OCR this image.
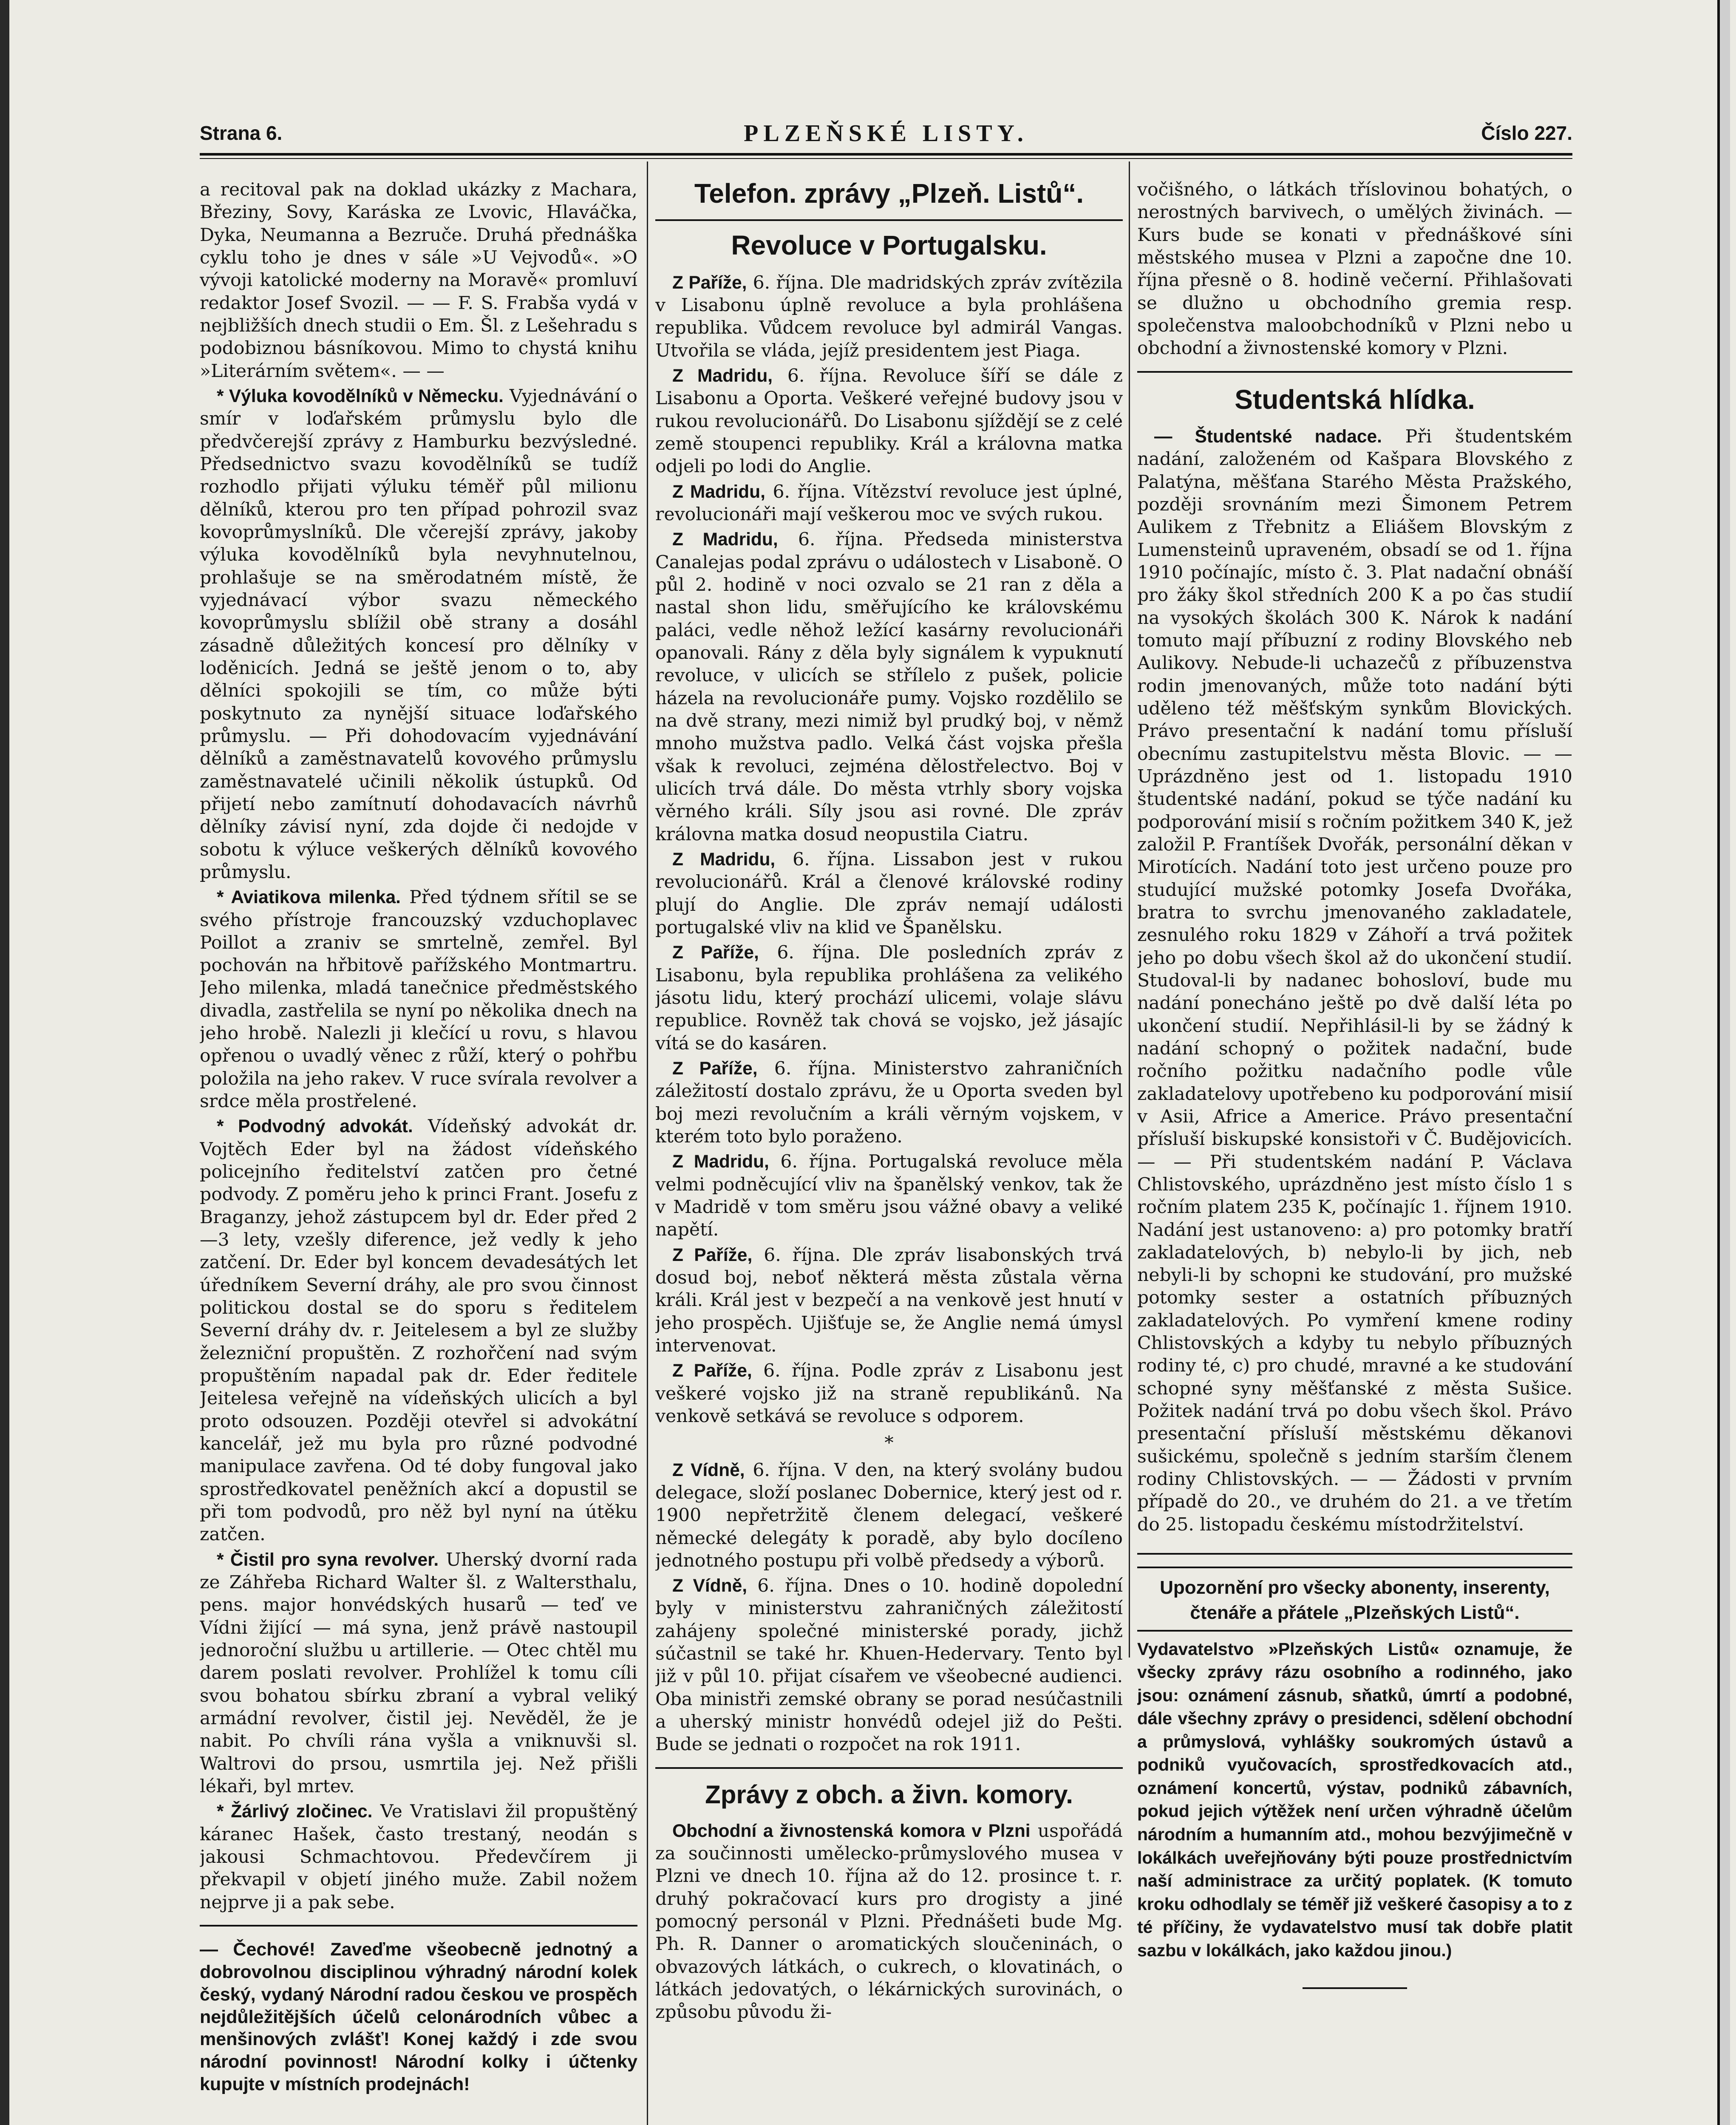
PLZEŇSKÉ LISTY.
Strana 6.	Číslo 227.

a recitoval pak na doklad ukázky z Machara, Březiny, Sovy, Karáska ze Lvovic, Hlaváčka, Dyka, Neumanna a Bezruče. Druhá přednáška cyklu toho je dnes v sále »U Vejvodů«. »O vývoji katolické moderny na Moravě« promluví redaktor Josef Svozil. — — F. S. Frabša vydá v nejbližších dnech studii o Em. Šl. z Lešehradu s podobiznou básníkovou. Mimo to chystá knihu »Literárním světem«. — —

* Výluka kovodělníků v Německu. Vyjednávání o smír v loďařském průmyslu bylo dle předvčerejší zprávy z Hamburku bezvýsledné. Předsednictvo svazu kovodělníků se tudíž rozhodlo přijati výluku téměř půl milionu dělníků, kterou pro ten případ pohrozil svaz kovoprůmyslníků. Dle včerejší zprávy, jakoby výluka kovodělníků byla nevyhnutelnou, prohlašuje se na směrodatném místě, že vyjednávací výbor svazu německého kovoprůmyslu sblížil obě strany a dosáhl zásadně důležitých koncesí pro dělníky v loděnicích. Jedná se ještě jenom o to, aby dělníci spokojili se tím, co může býti poskytnuto za nynější situace loďařského průmyslu. — Při dohodovacím vyjednávání dělníků a zaměstnavatelů kovového průmyslu zaměstnavatelé učinili několik ústupků. Od přijetí nebo zamítnutí dohodavacích návrhů dělníky závisí nyní, zda dojde či nedojde v sobotu k výluce veškerých dělníků kovového průmyslu.

* Aviatikova milenka. Před týdnem sřítil se se svého přístroje francouzský vzduchoplavec Poillot a zraniv se smrtelně, zemřel. Byl pochován na hřbitově pařížského Montmartru. Jeho milenka, mladá tanečnice předměstského divadla, zastřelila se nyní po několika dnech na jeho hrobě. Nalezli ji klečící u rovu, s hlavou opřenou o uvadlý věnec z růží, který o pohřbu položila na jeho rakev. V ruce svírala revolver a srdce měla prostřelené.

* Podvodný advokát. Vídeňský advokát dr. Vojtěch Eder byl na žádost vídeňského policejního ředitelství zatčen pro četné podvody. Z poměru jeho k princi Frant. Josefu z Braganzy, jehož zástupcem byl dr. Eder před 2—3 lety, vzešly diference, jež vedly k jeho zatčení. Dr. Eder byl koncem devadesátých let úředníkem Severní dráhy, ale pro svou činnost politickou dostal se do sporu s ředitelem Severní dráhy dv. r. Jeitelesem a byl ze služby železniční propuštěn. Z rozhořčení nad svým propuštěním napadal pak dr. Eder ředitele Jeitelesa veřejně na vídeňských ulicích a byl proto odsouzen. Později otevřel si advokátní kancelář, jež mu byla pro různé podvodné manipulace zavřena. Od té doby fungoval jako sprostředkovatel peněžních akcí a dopustil se při tom podvodů, pro něž byl nyní na útěku zatčen.

* Čistil pro syna revolver. Uherský dvorní rada ze Záhřeba Richard Walter šl. z Waltersthalu, pens. major honvédských husarů — teď ve Vídni žijící — má syna, jenž právě nastoupil jednoroční službu u artillerie. — Otec chtěl mu darem poslati revolver. Prohlížel k tomu cíli svou bohatou sbírku zbraní a vybral veliký armádní revolver, čistil jej. Nevěděl, že je nabit. Po chvíli rána vyšla a vniknuvši sl. Waltrovi do prsou, usmrtila jej. Než přišli lékaři, byl mrtev.

* Žárlivý zločinec. Ve Vratislavi žil propuštěný káranec Hašek, často trestaný, neodán s jakousi Schmachtovou. Předevčírem ji překvapil v objetí jiného muže. Zabil nožem nejprve ji a pak sebe.

— Čechové! Zaveďme všeobecně jednotný a dobrovolnou disciplinou výhradný národní kolek český, vydaný Národní radou českou ve prospěch nejdůležitějších účelů celonárodních vůbec a menšinových zvlášť! Konej každý i zde svou národní povinnost! Národní kolky i účtenky kupujte v místních prodejnách!

Telefon. zprávy „Plzeň. Listů“.

Revoluce v Portugalsku.

Z Paříže, 6. října. Dle madridských zpráv zvítězila v Lisabonu úplně revoluce a byla prohlášena republika. Vůdcem revoluce byl admirál Vangas. Utvořila se vláda, jejíž presidentem jest Piaga.

Z Madridu, 6. října. Revoluce šíří se dále z Lisabonu a Oporta. Veškeré veřejné budovy jsou v rukou revolucionářů. Do Lisabonu sjíždějí se z celé země stoupenci republiky. Král a královna matka odjeli po lodi do Anglie.

Z Madridu, 6. října. Vítězství revoluce jest úplné, revolucionáři mají veškerou moc ve svých rukou.

Z Madridu, 6. října. Předseda ministerstva Canalejas podal zprávu o událostech v Lisaboně. O půl 2. hodině v noci ozvalo se 21 ran z děla a nastal shon lidu, směřujícího ke královskému paláci, vedle něhož ležící kasárny revolucionáři opanovali. Rány z děla byly signálem k vypuknutí revoluce, v ulicích se střílelo z pušek, policie házela na revolucionáře pumy. Vojsko rozdělilo se na dvě strany, mezi nimiž byl prudký boj, v němž mnoho mužstva padlo. Velká část vojska přešla však k revoluci, zejména dělostřelectvo. Boj v ulicích trvá dále. Do města vtrhly sbory vojska věrného králi. Síly jsou asi rovné. Dle zpráv královna matka dosud neopustila Ciatru.

Z Madridu, 6. října. Lissabon jest v rukou revolucionářů. Král a členové královské rodiny plují do Anglie. Dle zpráv nemají události portugalské vliv na klid ve Španělsku.

Z Paříže, 6. října. Dle posledních zpráv z Lisabonu, byla republika prohlášena za velikého jásotu lidu, který prochází ulicemi, volaje slávu republice. Rovněž tak chová se vojsko, jež jásajíc vítá se do kasáren.

Z Paříže, 6. října. Ministerstvo zahraničních záležitostí dostalo zprávu, že u Oporta sveden byl boj mezi revolučním a králi věrným vojskem, v kterém toto bylo poraženo.

Z Madridu, 6. října. Portugalská revoluce měla velmi podněcující vliv na španělský venkov, tak že v Madridě v tom směru jsou vážné obavy a veliké napětí.

Z Paříže, 6. října. Dle zpráv lisabonských trvá dosud boj, neboť některá města zůstala věrna králi. Král jest v bezpečí a na venkově jest hnutí v jeho prospěch. Ujišťuje se, že Anglie nemá úmysl intervenovat.

Z Paříže, 6. října. Podle zpráv z Lisabonu jest veškeré vojsko již na straně republikánů. Na venkově setkává se revoluce s odporem.

*

Z Vídně, 6. října. V den, na který svolány budou delegace, složí poslanec Dobernice, který jest od r. 1900 nepřetržitě členem delegací, veškeré německé delegáty k poradě, aby bylo docíleno jednotného postupu při volbě předsedy a výborů.

Z Vídně, 6. října. Dnes o 10. hodině dopolední byly v ministerstvu zahraničných záležitostí zahájeny společné ministerské porady, jichž súčastnil se také hr. Khuen-Hedervary. Tento byl již v půl 10. přijat císařem ve všeobecné audienci. Oba ministři zemské obrany se porad nesúčastnili a uherský ministr honvédů odejel již do Pešti. Bude se jednati o rozpočet na rok 1911.

Zprávy z obch. a živn. komory.

Obchodní a živnostenská komora v Plzni uspořádá za součinnosti umělecko-průmyslového musea v Plzni ve dnech 10. října až do 12. prosince t. r. druhý pokračovací kurs pro drogisty a jiné pomocný personál v Plzni. Přednášeti bude Mg. Ph. R. Danner o aromatických sloučeninách, o obvazových látkách, o cukrech, o klovatinách, o látkách jedovatých, o lékárnických surovinách, o způsobu původu ži-

vočišného, o látkách tříslovinou bohatých, o nerostných barvivech, o umělých živinách. — Kurs bude se konati v přednáškové síni městského musea v Plzni a započne dne 10. října přesně o 8. hodině večerní. Přihlašovati se dlužno u obchodního gremia resp. společenstva maloobchodníků v Plzni nebo u obchodní a živnostenské komory v Plzni.

Studentská hlídka.

— Študentské nadace. Při študentském nadání, založeném od Kašpara Blovského z Palatýna, měšťana Starého Města Pražského, později srovnáním mezi Šimonem Petrem Aulikem z Třebnitz a Eliášem Blovským z Lumensteinů upraveném, obsadí se od 1. října 1910 počínajíc, místo č. 3. Plat nadační obnáší pro žáky škol středních 200 K a po čas studií na vysokých školách 300 K. Nárok k nadání tomuto mají příbuzní z rodiny Blovského neb Aulikovy. Nebude-li uchazečů z příbuzenstva rodin jmenovaných, může toto nadání býti uděleno též měšťským synkům Blovických. Právo presentační k nadání tomu přísluší obecnímu zastupitelstvu města Blovic. — — Uprázdněno jest od 1. listopadu 1910 študentské nadání, pokud se týče nadání ku podporování misií s ročním požitkem 340 K, jež založil P. Frantíšek Dvořák, personální děkan v Mirotících. Nadání toto jest určeno pouze pro studující mužské potomky Josefa Dvořáka, bratra to svrchu jmenovaného zakladatele, zesnulého roku 1829 v Záhoří a trvá požitek jeho po dobu všech škol až do ukončení studií. Studoval-li by nadanec bohosloví, bude mu nadání ponecháno ještě po dvě další léta po ukončení studií. Nepřihlásil-li by se žádný k nadání schopný o požitek nadační, bude ročního požitku nadačního podle vůle zakladatelovy upotřebeno ku podporování misií v Asii, Africe a Americe. Právo presentační přísluší biskupské konsistoři v Č. Budějovicích. — — Při studentském nadání P. Václava Chlistovského, uprázdněno jest místo číslo 1 s ročním platem 235 K, počínajíc 1. říjnem 1910. Nadání jest ustanoveno: a) pro potomky bratří zakladatelových, b) nebylo-li by jich, neb nebyli-li by schopni ke studování, pro mužské potomky sester a ostatních příbuzných zakladatelových. Po vymření kmene rodiny Chlistovských a kdyby tu nebylo příbuzných rodiny té, c) pro chudé, mravné a ke studování schopné syny měšťanské z města Sušice. Požitek nadání trvá po dobu všech škol. Právo presentační přísluší městskému děkanovi sušickému, společně s jedním starším členem rodiny Chlistovských. — — Žádosti v prvním případě do 20., ve druhém do 21. a ve třetím do 25. listopadu českému místodržitelství.

Upozornění pro všecky abonenty, inserenty, čtenáře a přátele „Plzeňských Listů“.
Vydavatelstvo »Plzeňských Listů« oznamuje, že všecky zprávy rázu osobního a rodinného, jako jsou: oznámení zásnub, sňatků, úmrtí a podobné, dále všechny zprávy o presidenci, sdělení obchodní a průmyslová, vyhlášky soukromých ústavů a podniků vyučovacích, sprostředkovacích atd., oznámení koncertů, výstav, podniků zábavních, pokud jejich výtěžek není určen výhradně účelům národním a humanním atd., mohou bezvýjimečně v lokálkách uveřejňovány býti pouze prostřednictvím naší administrace za určitý poplatek. (K tomuto kroku odhodlaly se téměř již veškeré časopisy a to z té příčiny, že vydavatelstvo musí tak dobře platit sazbu v lokálkách, jako každou jinou.)
